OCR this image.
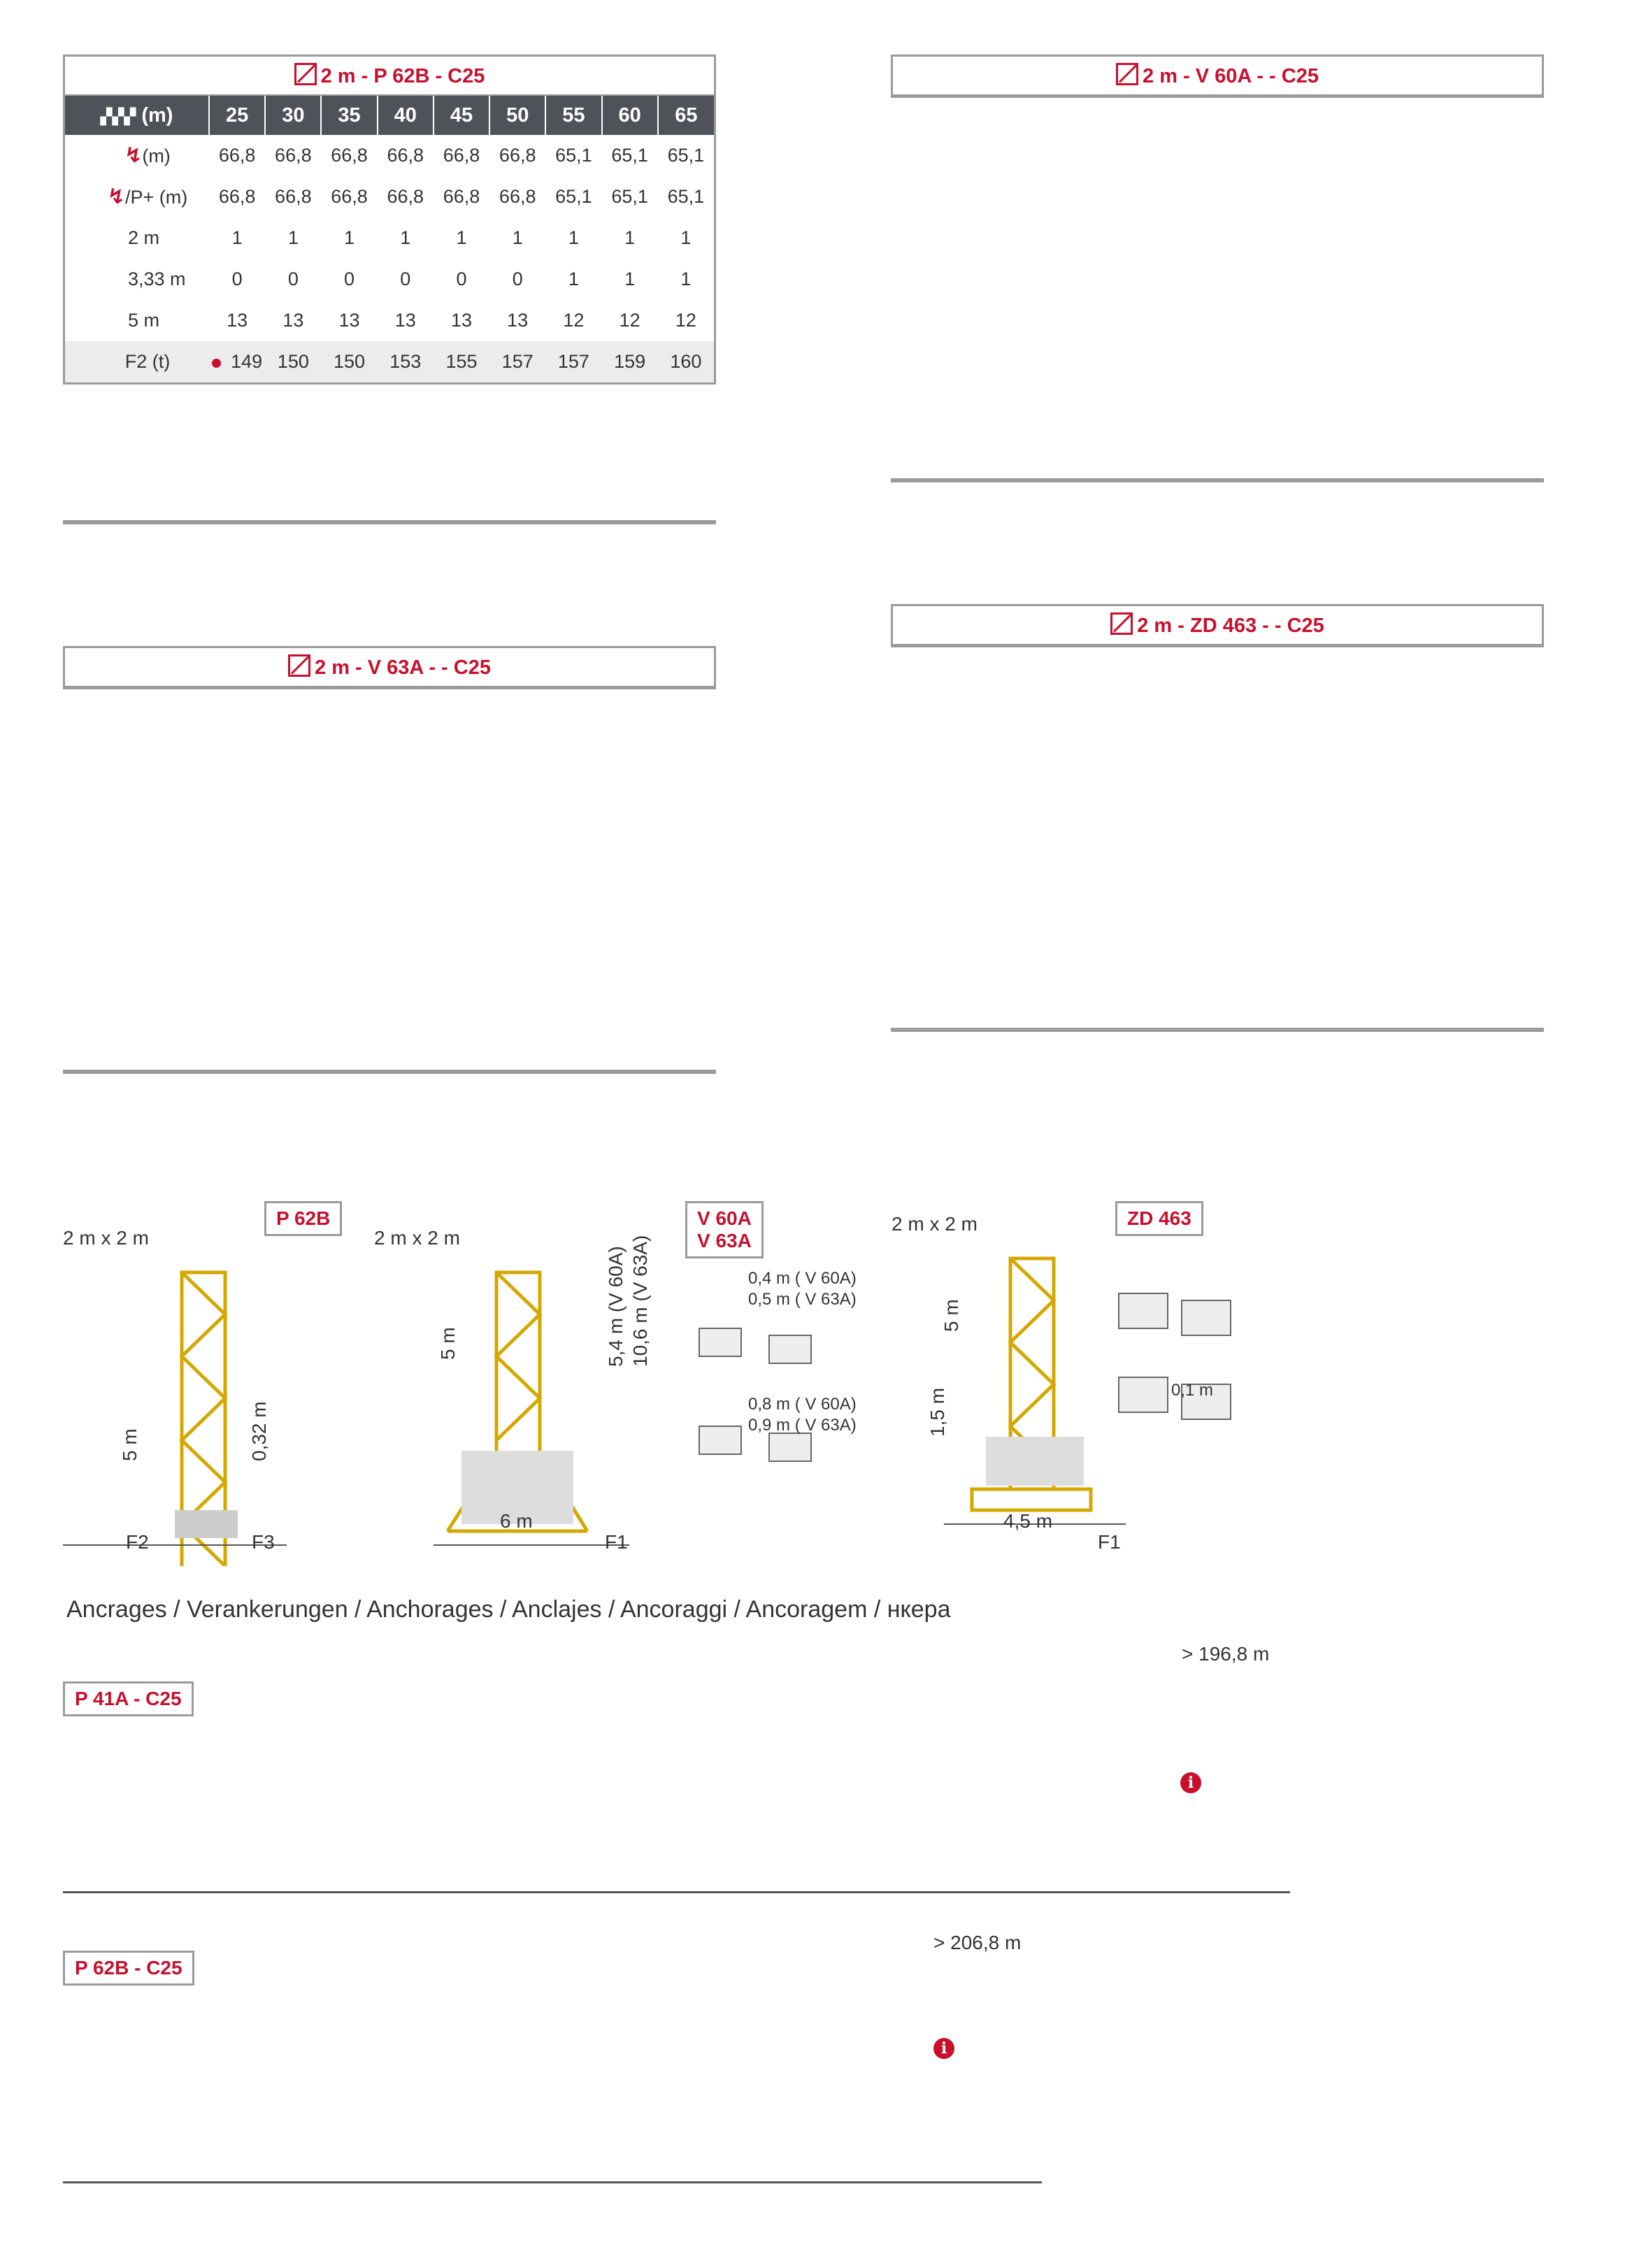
2 m - P 62B - C25
▞▞▞ (m)	25	30	35	40	45	50	55	60	65
↯(m)	66,8	66,8	66,8	66,8	66,8	66,8	65,1	65,1	65,1
↯/P+ (m)	66,8	66,8	66,8	66,8	66,8	66,8	65,1	65,1	65,1
2 m	1	1	1	1	1	1	1	1	1
3,33 m	0	0	0	0	0	0	1	1	1
5 m	13	13	13	13	13	13	12	12	12
F2 (t)	149	150	150	153	155	157	157	159	160
2 m - V 63A - - C25
2 m - V 60A - - C25
2 m - ZD 463 - - C25
P 62B	V 60A
V 63A
ZD 463
2 m x 2 m	2 m x 2 m
2 m x 2 m
5 m	0,32 m
5 m	5,4 m (V 60A) 10,6 m (V 63A)
6 m
5 m
1,5 m
4,5 m
0,4 m ( V 60A)
0,5 m ( V 63A)
0,8 m ( V 60A)
0,9 m ( V 63A)
0,1 m
F2	F3	F1	F1
Ancrages / Verankerungen / Anchorages / Anclajes / Ancoraggi / Ancoragem / нкера
P 41A - C25
> 196,8 m
i
P 62B - C25
> 206,8 m
i
